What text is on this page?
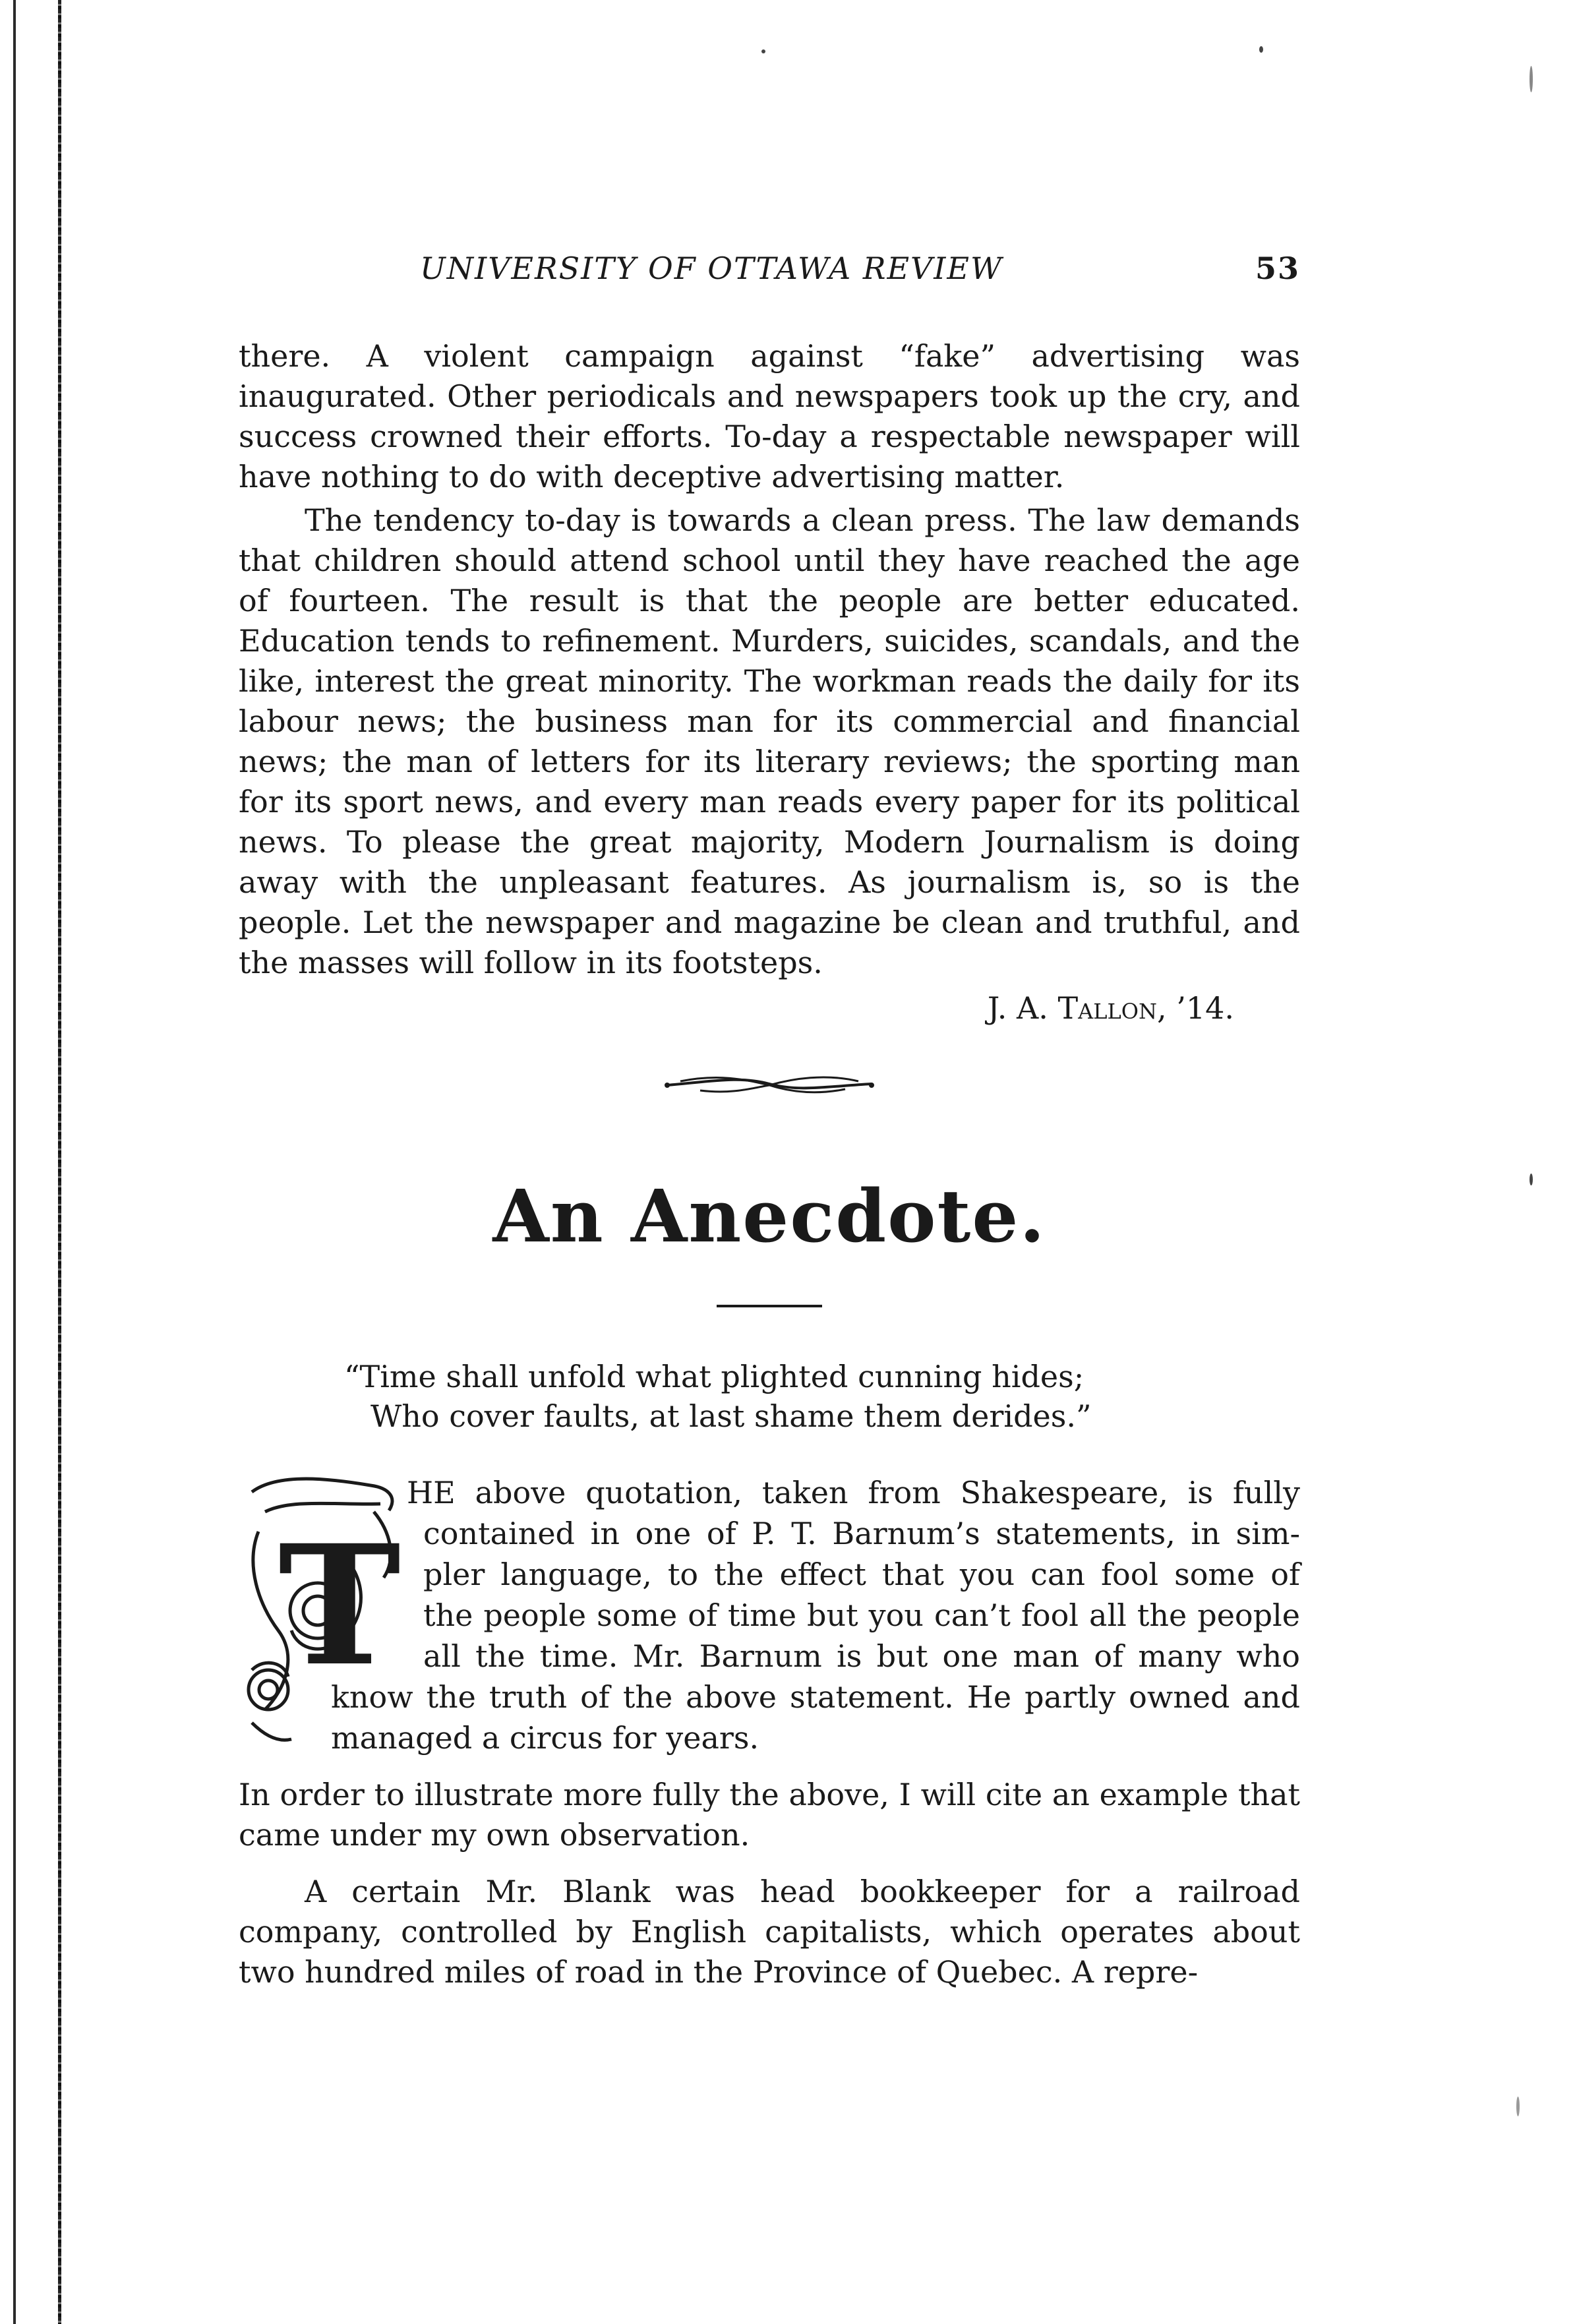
UNIVERSITY OF OTTAWA REVIEW	53

there. A violent campaign against “fake” advertising was inaugurated. Other periodicals and newspapers took up the cry, and success crowned their efforts. To-day a respectable newspaper will have nothing to do with deceptive advertising matter.

The tendency to-day is towards a clean press. The law demands that children should attend school until they have reached the age of fourteen. The result is that the people are better educated. Education tends to refinement. Murders, suicides, scandals, and the like, interest the great minority. The workman reads the daily for its labour news; the business man for its commercial and financial news; the man of letters for its literary reviews; the sporting man for its sport news, and every man reads every paper for its political news. To please the great majority, Modern Journalism is doing away with the unpleasant features. As journalism is, so is the people. Let the newspaper and magazine be clean and truthful, and the masses will follow in its footsteps.

J. A. Tallon, ’14.
An Anecdote.
“Time shall unfold what plighted cunning hides;
Who cover faults, at last shame them derides.”
T

HE above quotation, taken from Shakespeare, is fully

contained in one of P. T. Barnum’s statements, in sim-

pler language, to the effect that you can fool some of

the people some of time but you can’t fool all the people

all the time. Mr. Barnum is but one man of many who

know the truth of the above statement. He partly owned and

managed a circus for years.

In order to illustrate more fully the above, I will cite an example that came under my own observation.

A certain Mr. Blank was head bookkeeper for a railroad company, controlled by English capitalists, which operates about two hundred miles of road in the Province of Quebec. A repre-
